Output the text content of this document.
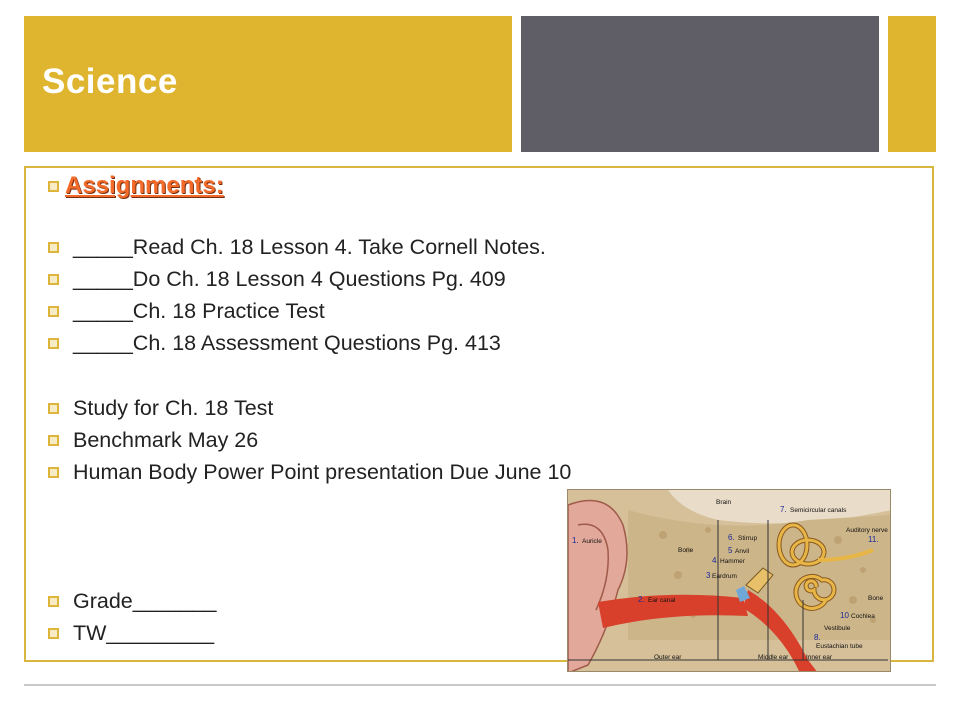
Science
Assignments:
_____Read Ch. 18 Lesson 4. Take Cornell Notes.
_____Do Ch. 18 Lesson 4 Questions Pg. 409
_____Ch. 18 Practice Test
_____Ch. 18 Assessment Questions Pg. 413
Study for Ch. 18 Test
Benchmark May 26
Human Body Power Point presentation Due June 10
Grade_______
TW_________
Brain
Semicircular canals
Auricle
Auditory nerve
Bone
Stirrup
Anvil
Hammer
Eardrum
Ear canal	Bone
Cochlea
Vestibule
Eustachian tube
Outer ear	Middle ear	Inner ear
1.
2.
3
4.
5
6.
7.
8.
10
11.
